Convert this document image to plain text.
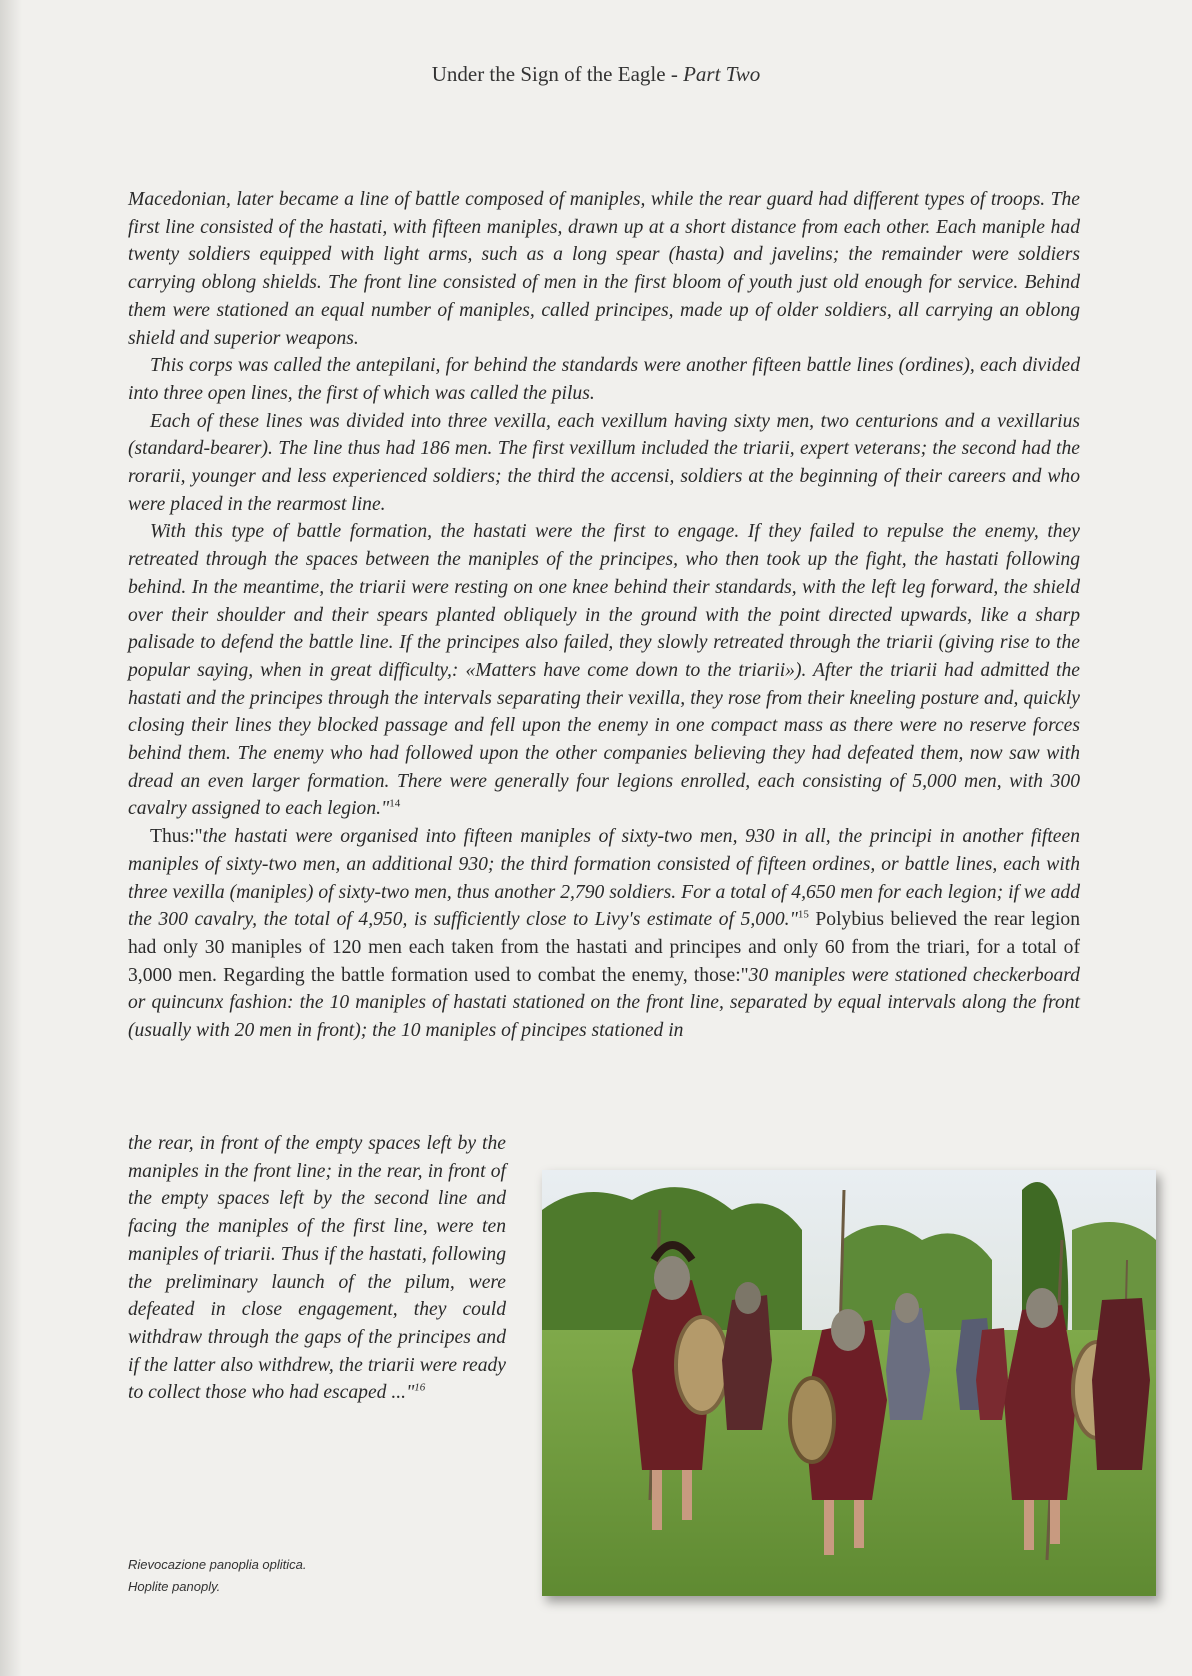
Under the Sign of the Eagle - Part Two

Macedonian, later became a line of battle composed of maniples, while the rear guard had different types of troops. The first line consisted of the hastati, with fifteen maniples, drawn up at a short distance from each other. Each maniple had twenty soldiers equipped with light arms, such as a long spear (hasta) and javelins; the remainder were soldiers carrying oblong shields. The front line consisted of men in the first bloom of youth just old enough for service. Behind them were stationed an equal number of maniples, called principes, made up of older soldiers, all carrying an oblong shield and superior weapons.

This corps was called the antepilani, for behind the standards were another fifteen battle lines (ordines), each divided into three open lines, the first of which was called the pilus.

Each of these lines was divided into three vexilla, each vexillum having sixty men, two centurions and a vexillarius (standard-bearer). The line thus had 186 men. The first vexillum included the triarii, expert veterans; the second had the rorarii, younger and less experienced soldiers; the third the accensi, soldiers at the beginning of their careers and who were placed in the rearmost line.

With this type of battle formation, the hastati were the first to engage. If they failed to repulse the enemy, they retreated through the spaces between the maniples of the principes, who then took up the fight, the hastati following behind. In the meantime, the triarii were resting on one knee behind their standards, with the left leg forward, the shield over their shoulder and their spears planted obliquely in the ground with the point directed upwards, like a sharp palisade to defend the battle line. If the principes also failed, they slowly retreated through the triarii (giving rise to the popular saying, when in great difficulty,: «Matters have come down to the triarii»). After the triarii had admitted the hastati and the principes through the intervals separating their vexilla, they rose from their kneeling posture and, quickly closing their lines they blocked passage and fell upon the enemy in one compact mass as there were no reserve forces behind them. The enemy who had followed upon the other companies believing they had defeated them, now saw with dread an even larger formation. There were generally four legions enrolled, each consisting of 5,000 men, with 300 cavalry assigned to each legion."$^{14}$

Thus:"the hastati were organised into fifteen maniples of sixty-two men, 930 in all, the principi in another fifteen maniples of sixty-two men, an additional 930; the third formation consisted of fifteen ordines, or battle lines, each with three vexilla (maniples) of sixty-two men, thus another 2,790 soldiers. For a total of 4,650 men for each legion; if we add the 300 cavalry, the total of 4,950, is sufficiently close to Livy's estimate of 5,000."$^{15}$ Polybius believed the rear legion had only 30 maniples of 120 men each taken from the hastati and principes and only 60 from the triari, for a total of 3,000 men. Regarding the battle formation used to combat the enemy, those:"30 maniples were stationed checkerboard or quincunx fashion: the 10 maniples of hastati stationed on the front line, separated by equal intervals along the front (usually with 20 men in front); the 10 maniples of pincipes stationed in

the rear, in front of the empty spaces left by the maniples in the front line; in the rear, in front of the empty spaces left by the second line and facing the maniples of the first line, were ten maniples of triarii. Thus if the hastati, following the preliminary launch of the pilum, were defeated in close engagement, they could withdraw through the gaps of the principes and if the latter also withdrew, the triarii were ready to collect those who had escaped ..."$^{16}$

Rievocazione panoplia oplitica.
Hoplite panoply.
